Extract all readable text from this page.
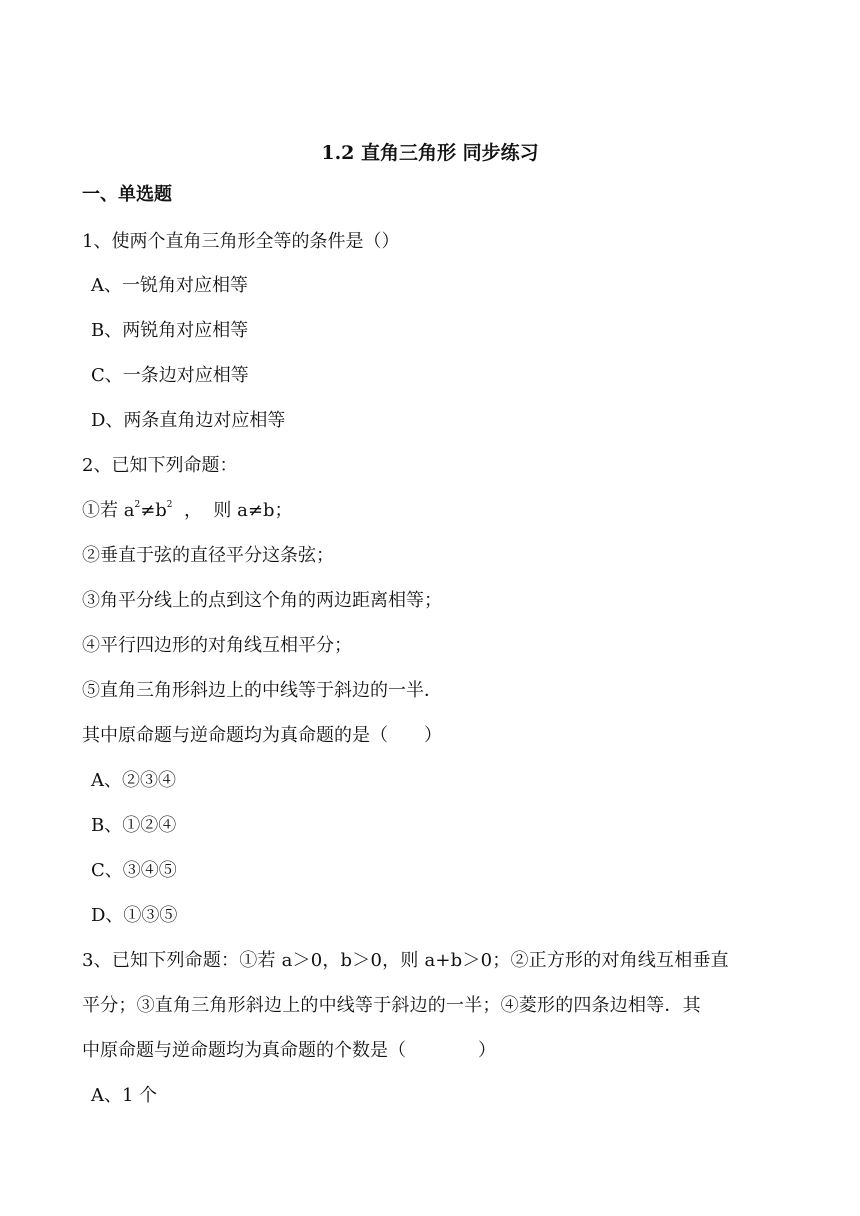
1.2 直角三角形 同步练习
一、单选题
1、使两个直角三角形全等的条件是（）
A、一锐角对应相等
B、两锐角对应相等
C、一条边对应相等
D、两条直角边对应相等
2、已知下列命题：
①若 $a^2\ne b^2$  ，  则 a≠b；
②垂直于弦的直径平分这条弦；
③角平分线上的点到这个角的两边距离相等；
④平行四边形的对角线互相平分；
⑤直角三角形斜边上的中线等于斜边的一半．
其中原命题与逆命题均为真命题的是（　　）
A、②③④
B、①②④
C、③④⑤
D、①③⑤
3、已知下列命题：①若 a＞0，b＞0，则 a+b＞0；②正方形的对角线互相垂直
平分；③直角三角形斜边上的中线等于斜边的一半；④菱形的四条边相等．其
中原命题与逆命题均为真命题的个数是（　　　　）
A、1 个
